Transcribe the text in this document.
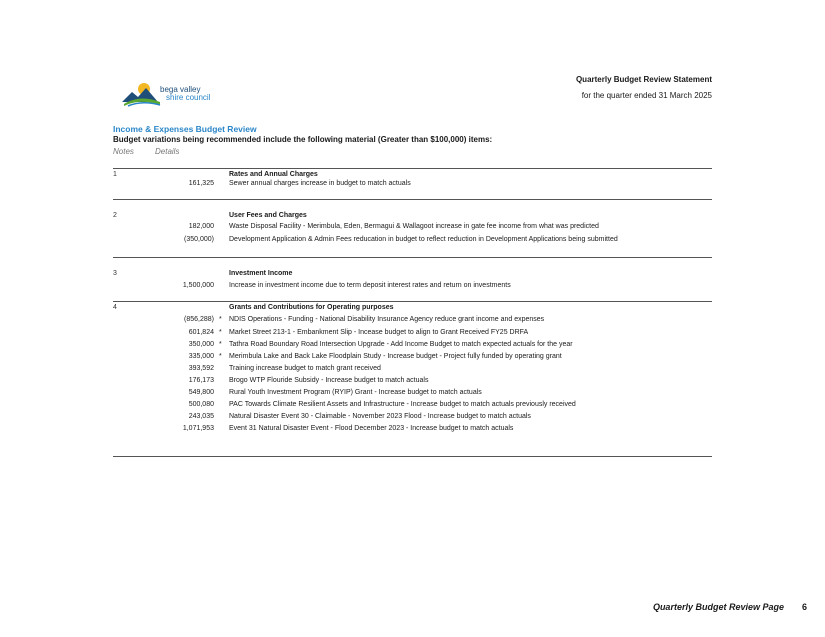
bega valley
shire council
Quarterly Budget Review Statement
for the quarter ended 31 March 2025
Income & Expenses Budget Review
Budget variations being recommended include the following material (Greater than $100,000) items:
Notes	Details
1	Rates and Annual Charges
161,325 Sewer annual charges increase in budget to match actuals
2	User Fees and Charges
182,000 Waste Disposal Facility - Merimbula, Eden, Bermagui & Wallagoot increase in gate fee income from what was predicted
(350,000) Development Application & Admin Fees reducation in budget to reflect reduction in Development Applications being submitted
3	Investment Income
1,500,000 Increase in investment income due to term deposit interest rates and return on investments
4	Grants and Contributions for Operating purposes
(856,288) * NDIS Operations - Funding - National Disability Insurance Agency reduce grant income and expenses
601,824 * Market Street 213-1 - Embankment Slip - Incease budget to align to Grant Received FY25 DRFA
350,000 * Tathra Road Boundary Road Intersection Upgrade - Add Income Budget to match expected actuals for the year
335,000 * Merimbula Lake and Back Lake Floodplain Study - Increase budget - Project fully funded by operating grant
393,592 Training increase budget to match grant received
176,173 Brogo WTP Flouride Subsidy - Increase budget to match actuals
549,800 Rural Youth Investment Program (RYIP) Grant - Increase budget to match actuals
500,080 PAC Towards Climate Resilient Assets and Infrastructure - Increase budget to match actuals previously received
243,035 Natural Disaster Event 30 - Claimable - November 2023 Flood - Increase budget to match actuals
1,071,953 Event 31 Natural Disaster Event - Flood December 2023 - Increase budget to match actuals
Quarterly Budget Review Page 6
